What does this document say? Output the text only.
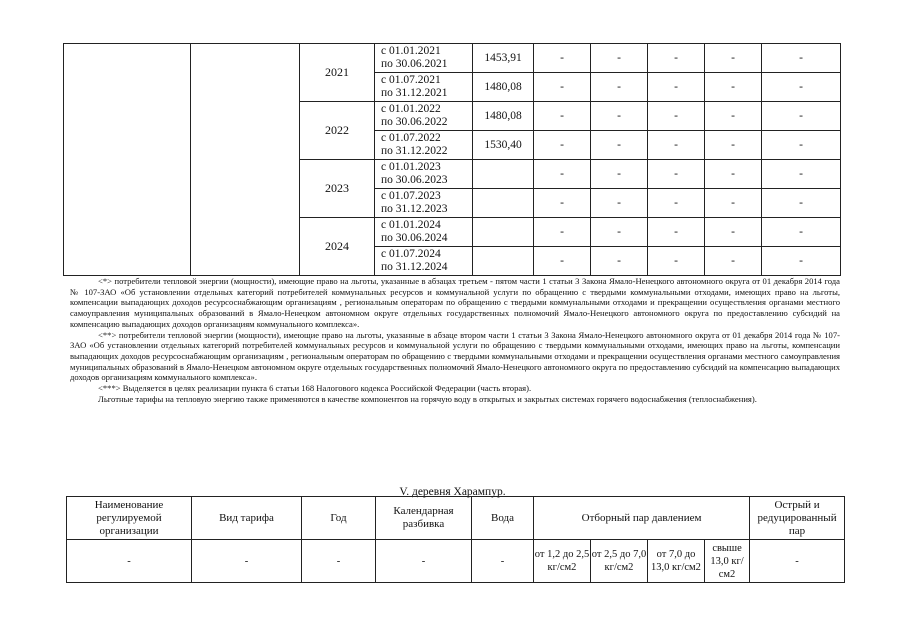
		2021	с 01.01.2021
по 30.06.2021	1453,91	-	-	-	-	-

			с 01.07.2021
по 31.12.2021	1480,08	-	-	-	-	-
		2022	с 01.01.2022
по 30.06.2022	1480,08	-	-	-	-	-

			с 01.07.2022
по 31.12.2022	1530,40	-	-	-	-	-
		2023	с 01.01.2023
по 30.06.2023		-	-	-	-	-

			с 01.07.2023
по 31.12.2023		-	-	-	-	-
		2024	с 01.01.2024
по 30.06.2024		-	-	-	-	-

			с 01.07.2024
по 31.12.2024		-	-	-	-	-

<*> потребители тепловой энергии (мощности), имеющие право на льготы, указанные в абзацах третьем - пятом части 1 статьи 3 Закона Ямало-Ненецкого автономного округа от 01 декабря 2014 года № 107-ЗАО «Об установлении отдельных категорий потребителей коммунальных ресурсов и коммунальной услуги по обращению с твердыми коммунальными отходами, имеющих право на льготы, компенсации выпадающих доходов ресурсоснабжающим организациям , региональным операторам по обращению с твердыми коммунальными отходами и прекращении осуществления органами местного самоуправления муниципальных образований в Ямало-Ненецком автономном округе отдельных государственных полномочий Ямало-Ненецкого автономного округа по предоставлению субсидий на компенсацию выпадающих доходов организациям коммунального комплекса».

<**> потребители тепловой энергии (мощности), имеющие право на льготы, указанные в абзаце втором части 1 статьи 3 Закона Ямало-Ненецкого автономного округа от 01 декабря 2014 года № 107-ЗАО «Об установлении отдельных категорий потребителей коммунальных ресурсов и коммунальной услуги по обращению с твердыми коммунальными отходами, имеющих право на льготы, компенсации выпадающих доходов ресурсоснабжающим организациям , региональным операторам по обращению с твердыми коммунальными отходами и прекращении осуществления органами местного самоуправления муниципальных образований в Ямало-Ненецком автономном округе отдельных государственных полномочий Ямало-Ненецкого автономного округа по предоставлению субсидий на компенсацию выпадающих доходов организациям коммунального комплекса».

<***> Выделяется в целях реализации пункта 6 статьи 168 Налогового кодекса Российской Федерации (часть вторая).

Льготные тарифы на тепловую энергию также применяются в качестве компонентов на горячую воду в открытых и закрытых системах горячего водоснабжения (теплоснабжения).

V. деревня Харампур.

Наименование регулируемой организации	Вид тарифа	Год	Календарная разбивка	Вода	Отборный пар давлением				Острый и редуцированный пар
-	-	-	-	-	от 1,2 до 2,5 кг/см2	от 2,5 до 7,0 кг/см2	от 7,0 до 13,0 кг/см2	свыше 13,0 кг/см2	-
